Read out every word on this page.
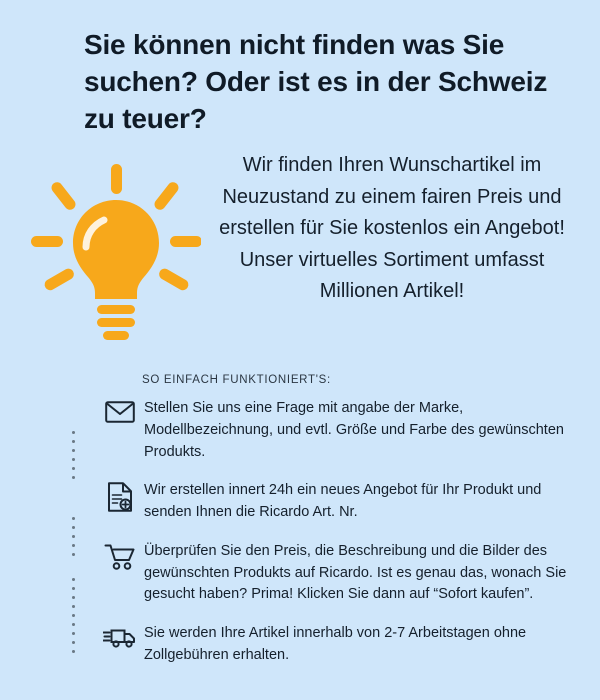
Sie können nicht finden was Sie suchen? Oder ist es in der Schweiz zu teuer?
Wir finden Ihren Wunschartikel im Neuzustand zu einem fairen Preis und erstellen für Sie kostenlos ein Angebot! Unser virtuelles Sortiment umfasst Millionen Artikel!
SO EINFACH FUNKTIONIERT'S:
Stellen Sie uns eine Frage mit angabe der Marke, Modellbezeichnung, und evtl. Größe und Farbe des gewünschten Produkts.
Wir erstellen innert 24h ein neues Angebot für Ihr Produkt und senden Ihnen die Ricardo Art. Nr.
Überprüfen Sie den Preis, die Beschreibung und die Bilder des gewünschten Produkts auf Ricardo. Ist es genau das, wonach Sie gesucht haben? Prima! Klicken Sie dann auf “Sofort kaufen”.
Sie werden Ihre Artikel innerhalb von 2-7 Arbeitstagen ohne Zollgebühren erhalten.
